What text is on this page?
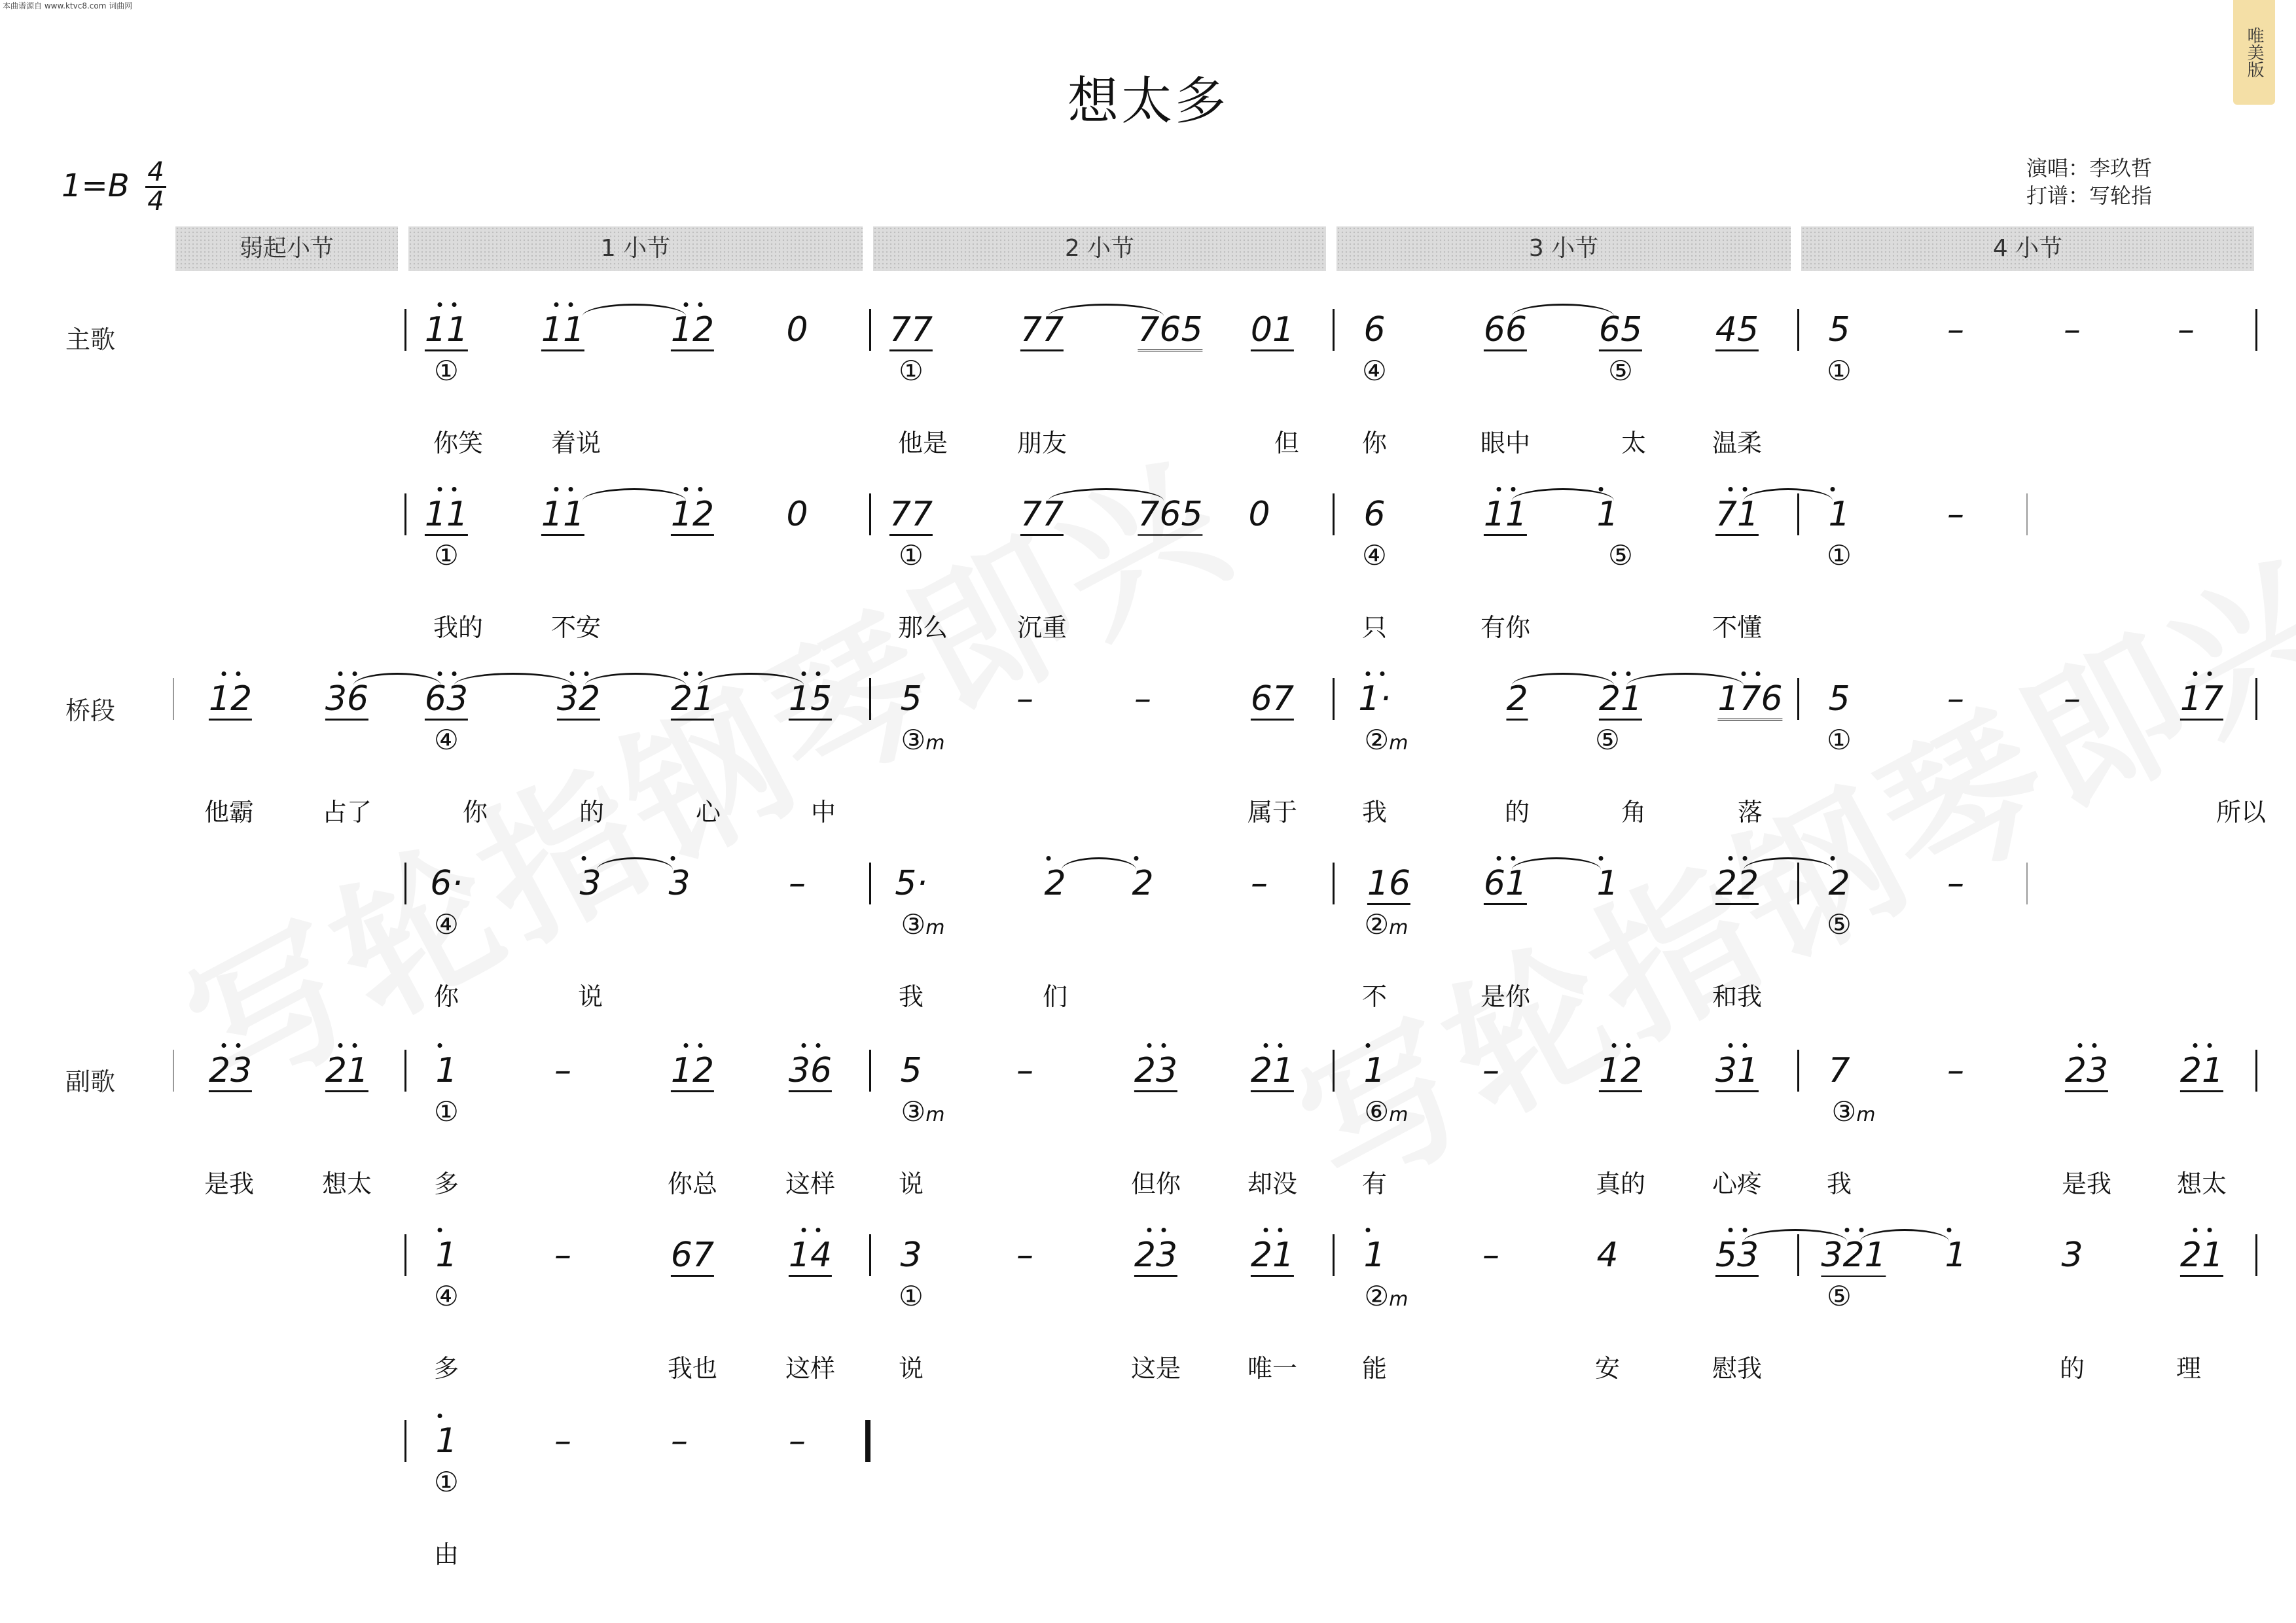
本曲谱源自 www.ktvc8.com 词曲网
想太多
唯美版
1=B 4
4
演唱：李玖哲
打谱：写轮指
弱起小节	1 小节	2 小节	3 小节	4 小节
主歌
桥段
副歌
11 11	12 0 77	77 765 01 6	66 65 45 5	–	–	–
①	①	④	⑤	①
你笑	着说	他是	朋友	但	你	眼中	太	温柔
11 11	12 0 77	77 765 0	6	11 1	71 1	–
①	①	④	⑤	①
我的	不安	那么	沉重	只	有你	不懂
12 36 63	32 21 15 5	–	–	67 1·	2 21 176 5	–	–	17
④	③m	②m	⑤	①
他霸	占了	你	的	心	中	属于	我	的	角	落	所以
6·	3 3	–	5·	2 2	–	16 61 1	22 2	–
④	③m	②m	⑤
你	说	我	们	不	是你	和我
23 21 1	–	12 36 5	–	23 21 1	–	12 31 7	–	23 21
①	③m	⑥m	③m
是我	想太 多	你总	这样	说	但你	却没	有	真的	心疼	我	是我	想太
1	–	67 14 3	–	23 21 1	–	4	53 321 1	3	21
④	①	②m	⑤
多	我也	这样	说	这是	唯一	能	安	慰我	的	理
1	–	–	–
①
由
